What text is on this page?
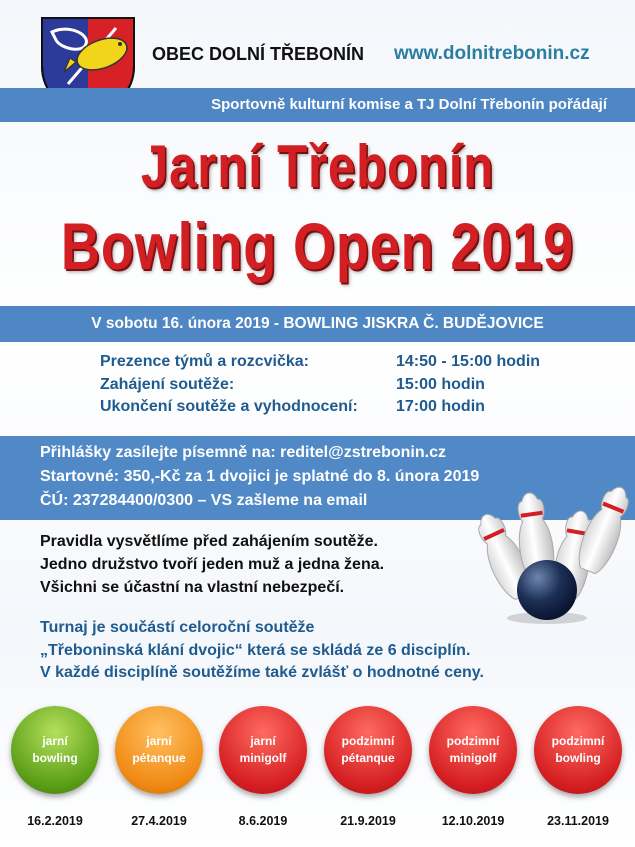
OBEC DOLNÍ TŘEBONÍN www.dolnitrebonin.cz
Sportovně kulturní komise a TJ Dolní Třebonín pořádají
Jarní Třebonín
Bowling Open 2019
V sobotu 16. února 2019 - BOWLING JISKRA Č. BUDĚJOVICE
Prezence týmů a rozcvička:	14:50 - 15:00 hodin
Zahájení soutěže:	15:00 hodin
Ukončení soutěže a vyhodnocení:	17:00 hodin
Přihlášky zasílejte písemně na: reditel@zstrebonin.cz
Startovné: 350,-Kč za 1 dvojici je splatné do 8. února 2019
ČÚ: 237284400/0300 – VS zašleme na email
Pravidla vysvětlíme před zahájením soutěže.
Jedno družstvo tvoří jeden muž a jedna žena.
Všichni se účastní na vlastní nebezpečí.
Turnaj je součástí celoroční soutěže
„Třeboninská klání dvojic“ která se skládá ze 6 disciplín.
V každé disciplíně soutěžíme také zvlášť o hodnotné ceny.
jarní
bowling
jarní
pétanque
jarní
minigolf
podzimní
pétanque
podzimní
minigolf
podzimní
bowling
16.2.2019	27.4.2019	8.6.2019	21.9.2019	12.10.2019	23.11.2019
